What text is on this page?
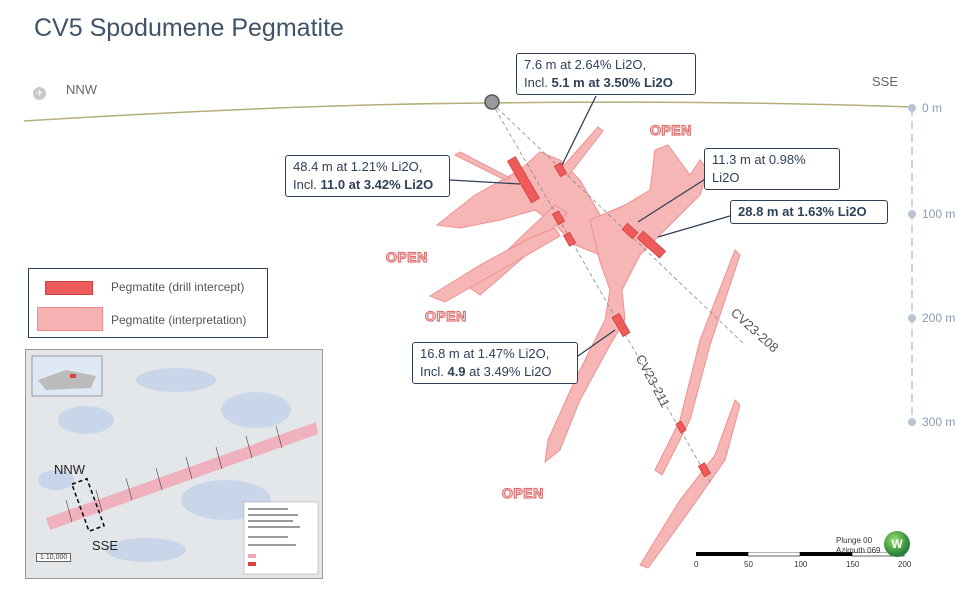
CV5 Spodumene Pegmatite
NNW
✈
SSE
0 m
100 m
200 m
300 m
CV23-211
CV23-208
OPEN
OPEN
OPEN
OPEN
7.6 m at 2.64% Li2O,
Incl. 5.1 m at 3.50% Li2O
48.4 m at 1.21% Li2O,
Incl. 11.0 at 3.42% Li2O
11.3 m at 0.98% Li2O
28.8 m at 1.63% Li2O
16.8 m at 1.47% Li2O,
Incl. 4.9 at 3.49% Li2O
Pegmatite (drill intercept)
Pegmatite (interpretation)
NNW
SSE
1:10,000
0	50	100	150	200
Plunge 00
Azimuth 069 W
